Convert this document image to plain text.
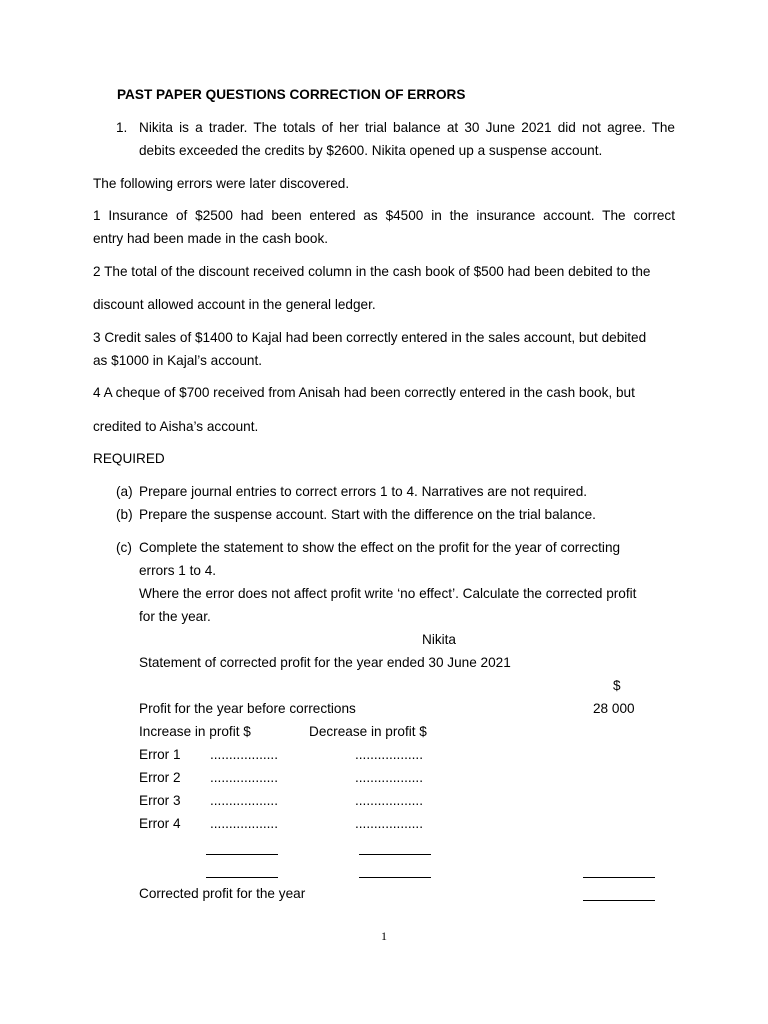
PAST PAPER QUESTIONS CORRECTION OF ERRORS
1. Nikita is a trader. The totals of her trial balance at 30 June 2021 did not agree. The
debits exceeded the credits by $2600. Nikita opened up a suspense account.
The following errors were later discovered.
1 Insurance of $2500 had been entered as $4500 in the insurance account. The correct
entry had been made in the cash book.
2 The total of the discount received column in the cash book of $500 had been debited to the
discount allowed account in the general ledger.
3 Credit sales of $1400 to Kajal had been correctly entered in the sales account, but debited
as $1000 in Kajal’s account.
4 A cheque of $700 received from Anisah had been correctly entered in the cash book, but
credited to Aisha’s account.
REQUIRED
(a) Prepare journal entries to correct errors 1 to 4. Narratives are not required.
(b) Prepare the suspense account. Start with the difference on the trial balance.
(c) Complete the statement to show the effect on the profit for the year of correcting
errors 1 to 4.
Where the error does not affect profit write ‘no effect’. Calculate the corrected profit
for the year.
Nikita
Statement of corrected profit for the year ended 30 June 2021
$
Profit for the year before corrections	28 000
Increase in profit $	Decrease in profit $
Error 1 ..................	..................
Error 2 ..................	..................
Error 3 ..................	..................
Error 4 ..................	..................
Corrected profit for the year
1
